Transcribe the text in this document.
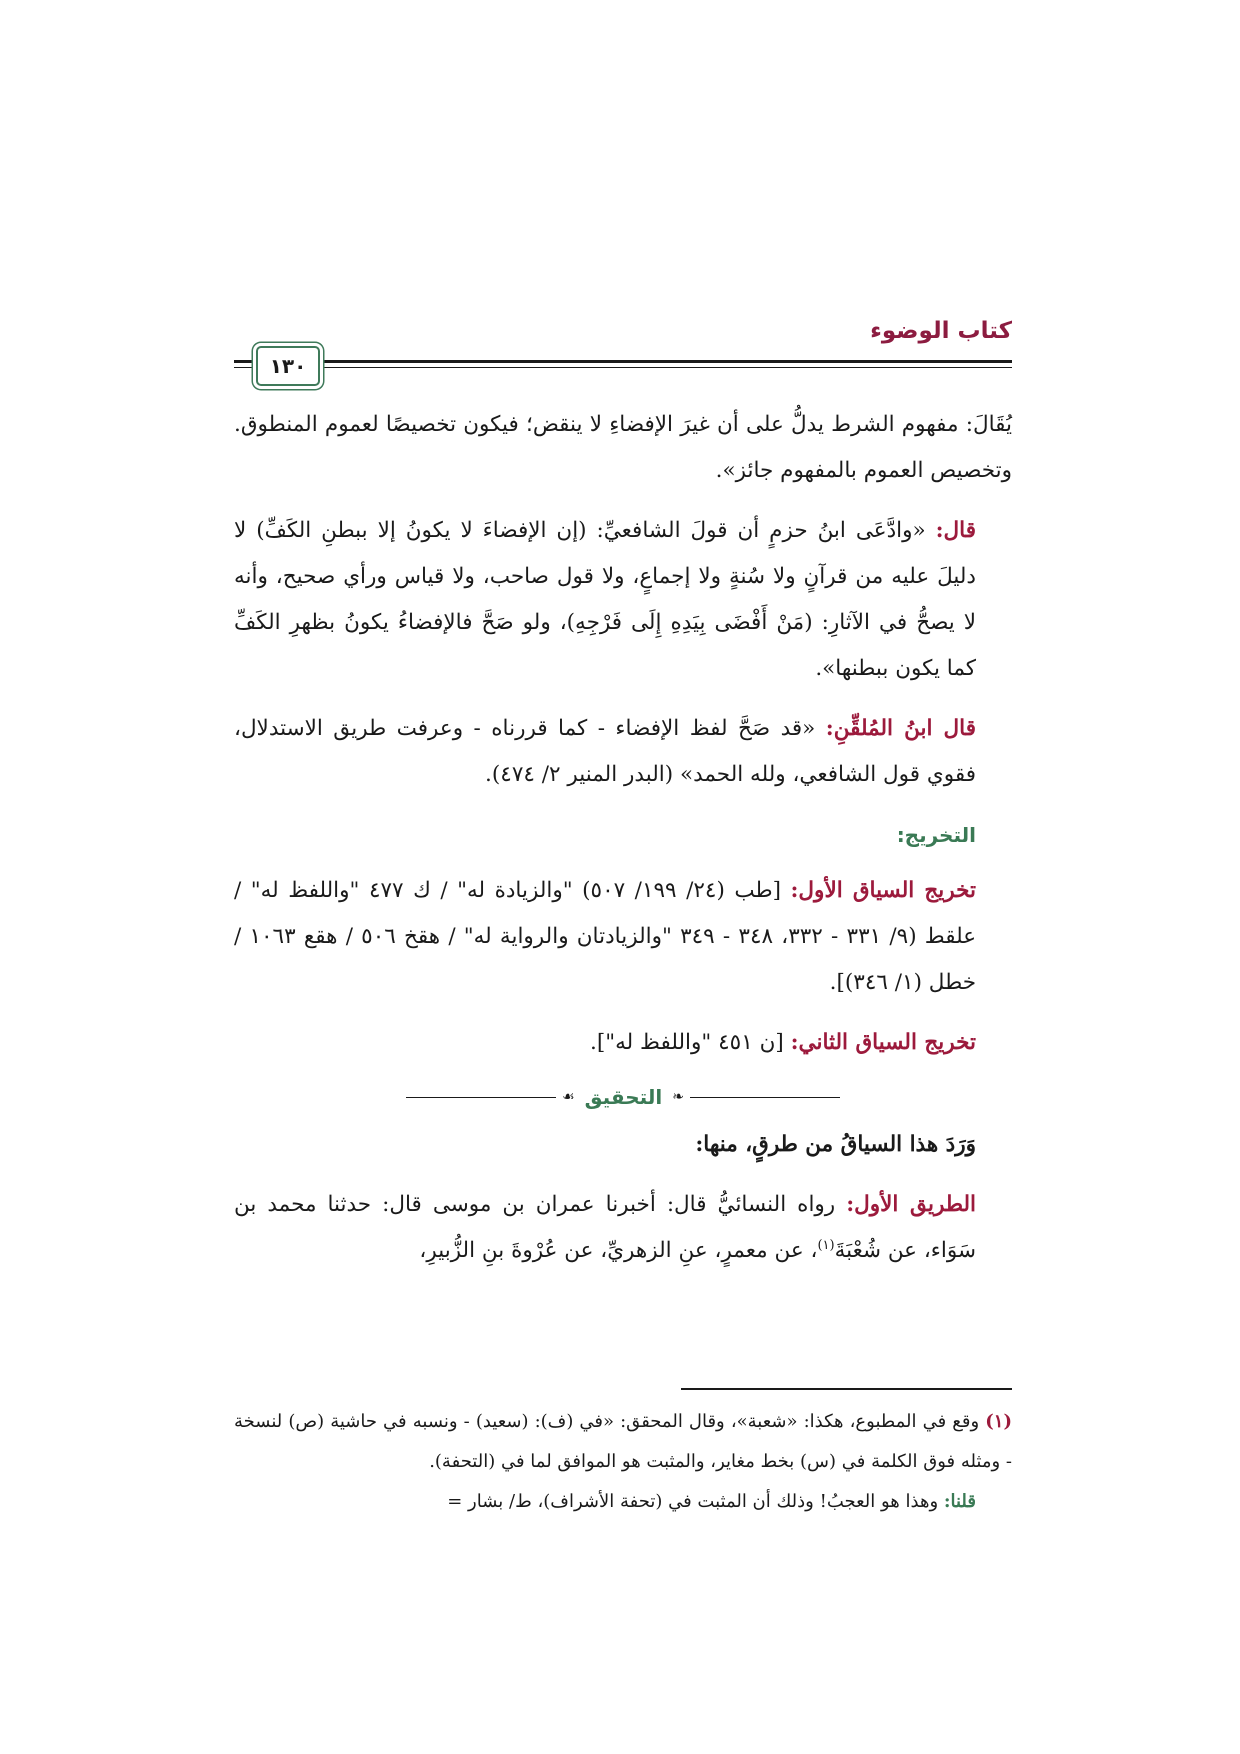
كتاب الوضوء
١٣٠

يُقَالَ: مفهوم الشرط يدلُّ على أن غيرَ الإفضاءِ لا ينقض؛ فيكون تخصيصًا لعموم المنطوق. وتخصيص العموم بالمفهوم جائز».

قال: «وادَّعَى ابنُ حزمٍ أن قولَ الشافعيِّ: (إن الإفضاءَ لا يكونُ إلا ببطنِ الكَفِّ) لا دليلَ عليه من قرآنٍ ولا سُنةٍ ولا إجماعٍ، ولا قول صاحب، ولا قياس ورأي صحيح، وأنه لا يصحُّ في الآثارِ: (مَنْ أَفْضَى بِيَدِهِ إِلَى فَرْجِهِ)، ولو صَحَّ فالإفضاءُ يكونُ بظهرِ الكَفِّ كما يكون ببطنها».

قال ابنُ المُلقِّنِ: «قد صَحَّ لفظ الإفضاء - كما قررناه - وعرفت طريق الاستدلال، فقوي قول الشافعي، ولله الحمد» (البدر المنير ٢/ ٤٧٤).

التخريج:

تخريج السياق الأول: [طب (٢٤/ ١٩٩/ ٥٠٧) "والزيادة له" / ك ٤٧٧ "واللفظ له" / علقط (٩/ ٣٣١ - ٣٣٢، ٣٤٨ - ٣٤٩ "والزيادتان والرواية له" / هقخ ٥٠٦ / هقع ١٠٦٣ / خطل (١/ ٣٤٦)].

تخريج السياق الثاني: [ن ٤٥١ "واللفظ له"].

❧
التحقيق
☙

وَرَدَ هذا السياقُ من طرقٍ، منها:

الطريق الأول: رواه النسائيُّ قال: أخبرنا عمران بن موسى قال: حدثنا محمد بن سَوَاء، عن شُعْبَةَ$^{(١)}$، عن معمرٍ، عنِ الزهريِّ، عن عُرْوةَ بنِ الزُّبيرِ،

(١) وقع في المطبوع، هكذا: «شعبة»، وقال المحقق: «في (ف): (سعيد) - ونسبه في حاشية (ص) لنسخة - ومثله فوق الكلمة في (س) بخط مغاير، والمثبت هو الموافق لما في (التحفة).

قلنا: وهذا هو العجبُ! وذلك أن المثبت في (تحفة الأشراف)، ط/ بشار =
